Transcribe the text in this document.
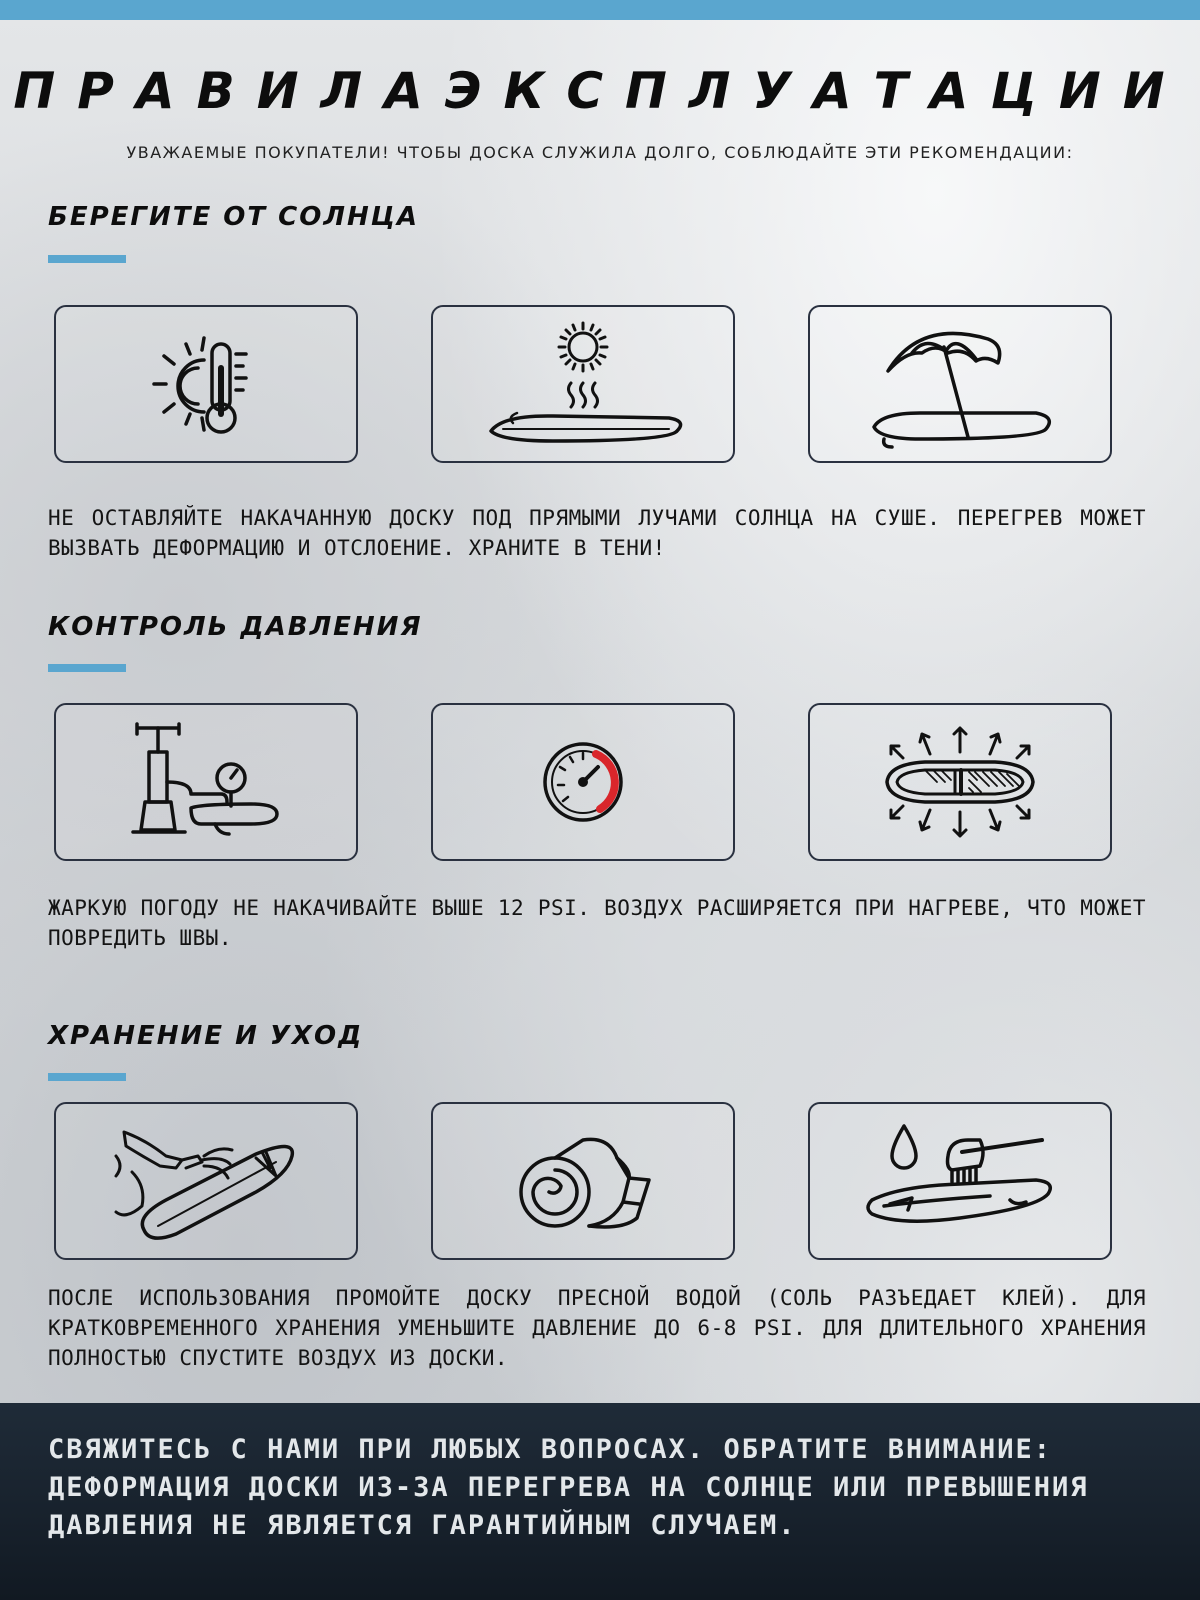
ПРАВИЛАЭКСПЛУАТАЦИИ
УВАЖАЕМЫЕ ПОКУПАТЕЛИ! ЧТОБЫ ДОСКА СЛУЖИЛА ДОЛГО, СОБЛЮДАЙТЕ ЭТИ РЕКОМЕНДАЦИИ:
БЕРЕГИТЕ ОТ СОЛНЦА

НЕ ОСТАВЛЯЙТЕ НАКАЧАННУЮ ДОСКУ ПОД ПРЯМЫМИ ЛУЧАМИ СОЛНЦА НА СУШЕ. ПЕРЕГРЕВ МОЖЕТ ВЫЗВАТЬ ДЕФОРМАЦИЮ И ОТСЛОЕНИЕ. ХРАНИТЕ В ТЕНИ!

КОНТРОЛЬ ДАВЛЕНИЯ

ЖАРКУЮ ПОГОДУ НЕ НАКАЧИВАЙТЕ ВЫШЕ 12 PSI. ВОЗДУХ РАСШИРЯЕТСЯ ПРИ НАГРЕВЕ, ЧТО МОЖЕТ ПОВРЕДИТЬ ШВЫ.

ХРАНЕНИЕ И УХОД

ПОСЛЕ ИСПОЛЬЗОВАНИЯ ПРОМОЙТЕ ДОСКУ ПРЕСНОЙ ВОДОЙ (СОЛЬ РАЗЪЕДАЕТ КЛЕЙ). ДЛЯ КРАТКОВРЕМЕННОГО ХРАНЕНИЯ УМЕНЬШИТЕ ДАВЛЕНИЕ ДО 6-8 PSI. ДЛЯ ДЛИТЕЛЬНОГО ХРАНЕНИЯ ПОЛНОСТЬЮ СПУСТИТЕ ВОЗДУХ ИЗ ДОСКИ.

СВЯЖИТЕСЬ С НАМИ ПРИ ЛЮБЫХ ВОПРОСАХ. ОБРАТИТЕ ВНИМАНИЕ: ДЕФОРМАЦИЯ ДОСКИ ИЗ-ЗА ПЕРЕГРЕВА НА СОЛНЦЕ ИЛИ ПРЕВЫШЕНИЯ ДАВЛЕНИЯ НЕ ЯВЛЯЕТСЯ ГАРАНТИЙНЫМ СЛУЧАЕМ.
